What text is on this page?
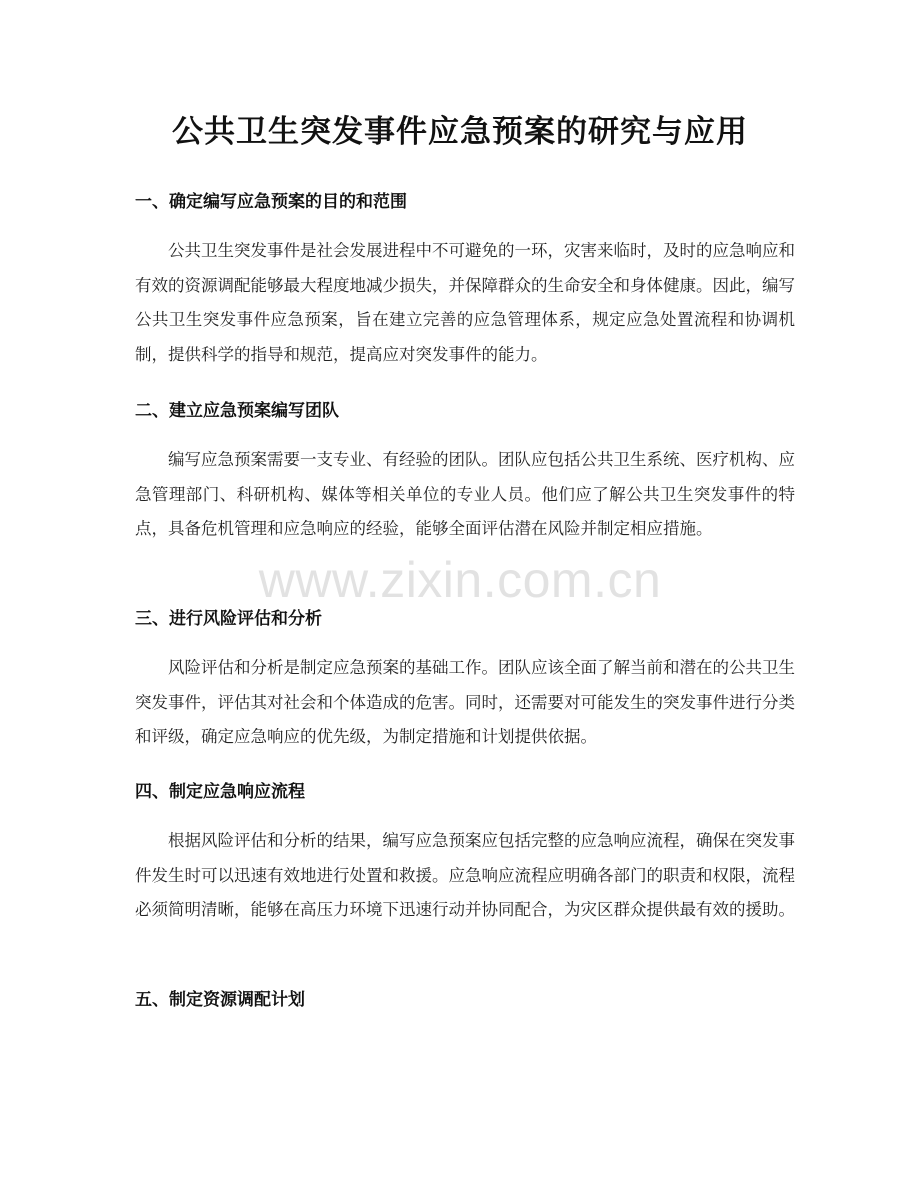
公共卫生突发事件应急预案的研究与应用
一、确定编写应急预案的目的和范围

公共卫生突发事件是社会发展进程中不可避免的一环，灾害来临时，及时的应急响应和有效的资源调配能够最大程度地减少损失，并保障群众的生命安全和身体健康。因此，编写公共卫生突发事件应急预案，旨在建立完善的应急管理体系，规定应急处置流程和协调机制，提供科学的指导和规范，提高应对突发事件的能力。

二、建立应急预案编写团队

编写应急预案需要一支专业、有经验的团队。团队应包括公共卫生系统、医疗机构、应急管理部门、科研机构、媒体等相关单位的专业人员。他们应了解公共卫生突发事件的特点，具备危机管理和应急响应的经验，能够全面评估潜在风险并制定相应措施。

三、进行风险评估和分析

风险评估和分析是制定应急预案的基础工作。团队应该全面了解当前和潜在的公共卫生突发事件，评估其对社会和个体造成的危害。同时，还需要对可能发生的突发事件进行分类和评级，确定应急响应的优先级，为制定措施和计划提供依据。

四、制定应急响应流程

根据风险评估和分析的结果，编写应急预案应包括完整的应急响应流程，确保在突发事件发生时可以迅速有效地进行处置和救援。应急响应流程应明确各部门的职责和权限，流程必须简明清晰，能够在高压力环境下迅速行动并协同配合，为灾区群众提供最有效的援助。

五、制定资源调配计划
www.zixin.com.cn
